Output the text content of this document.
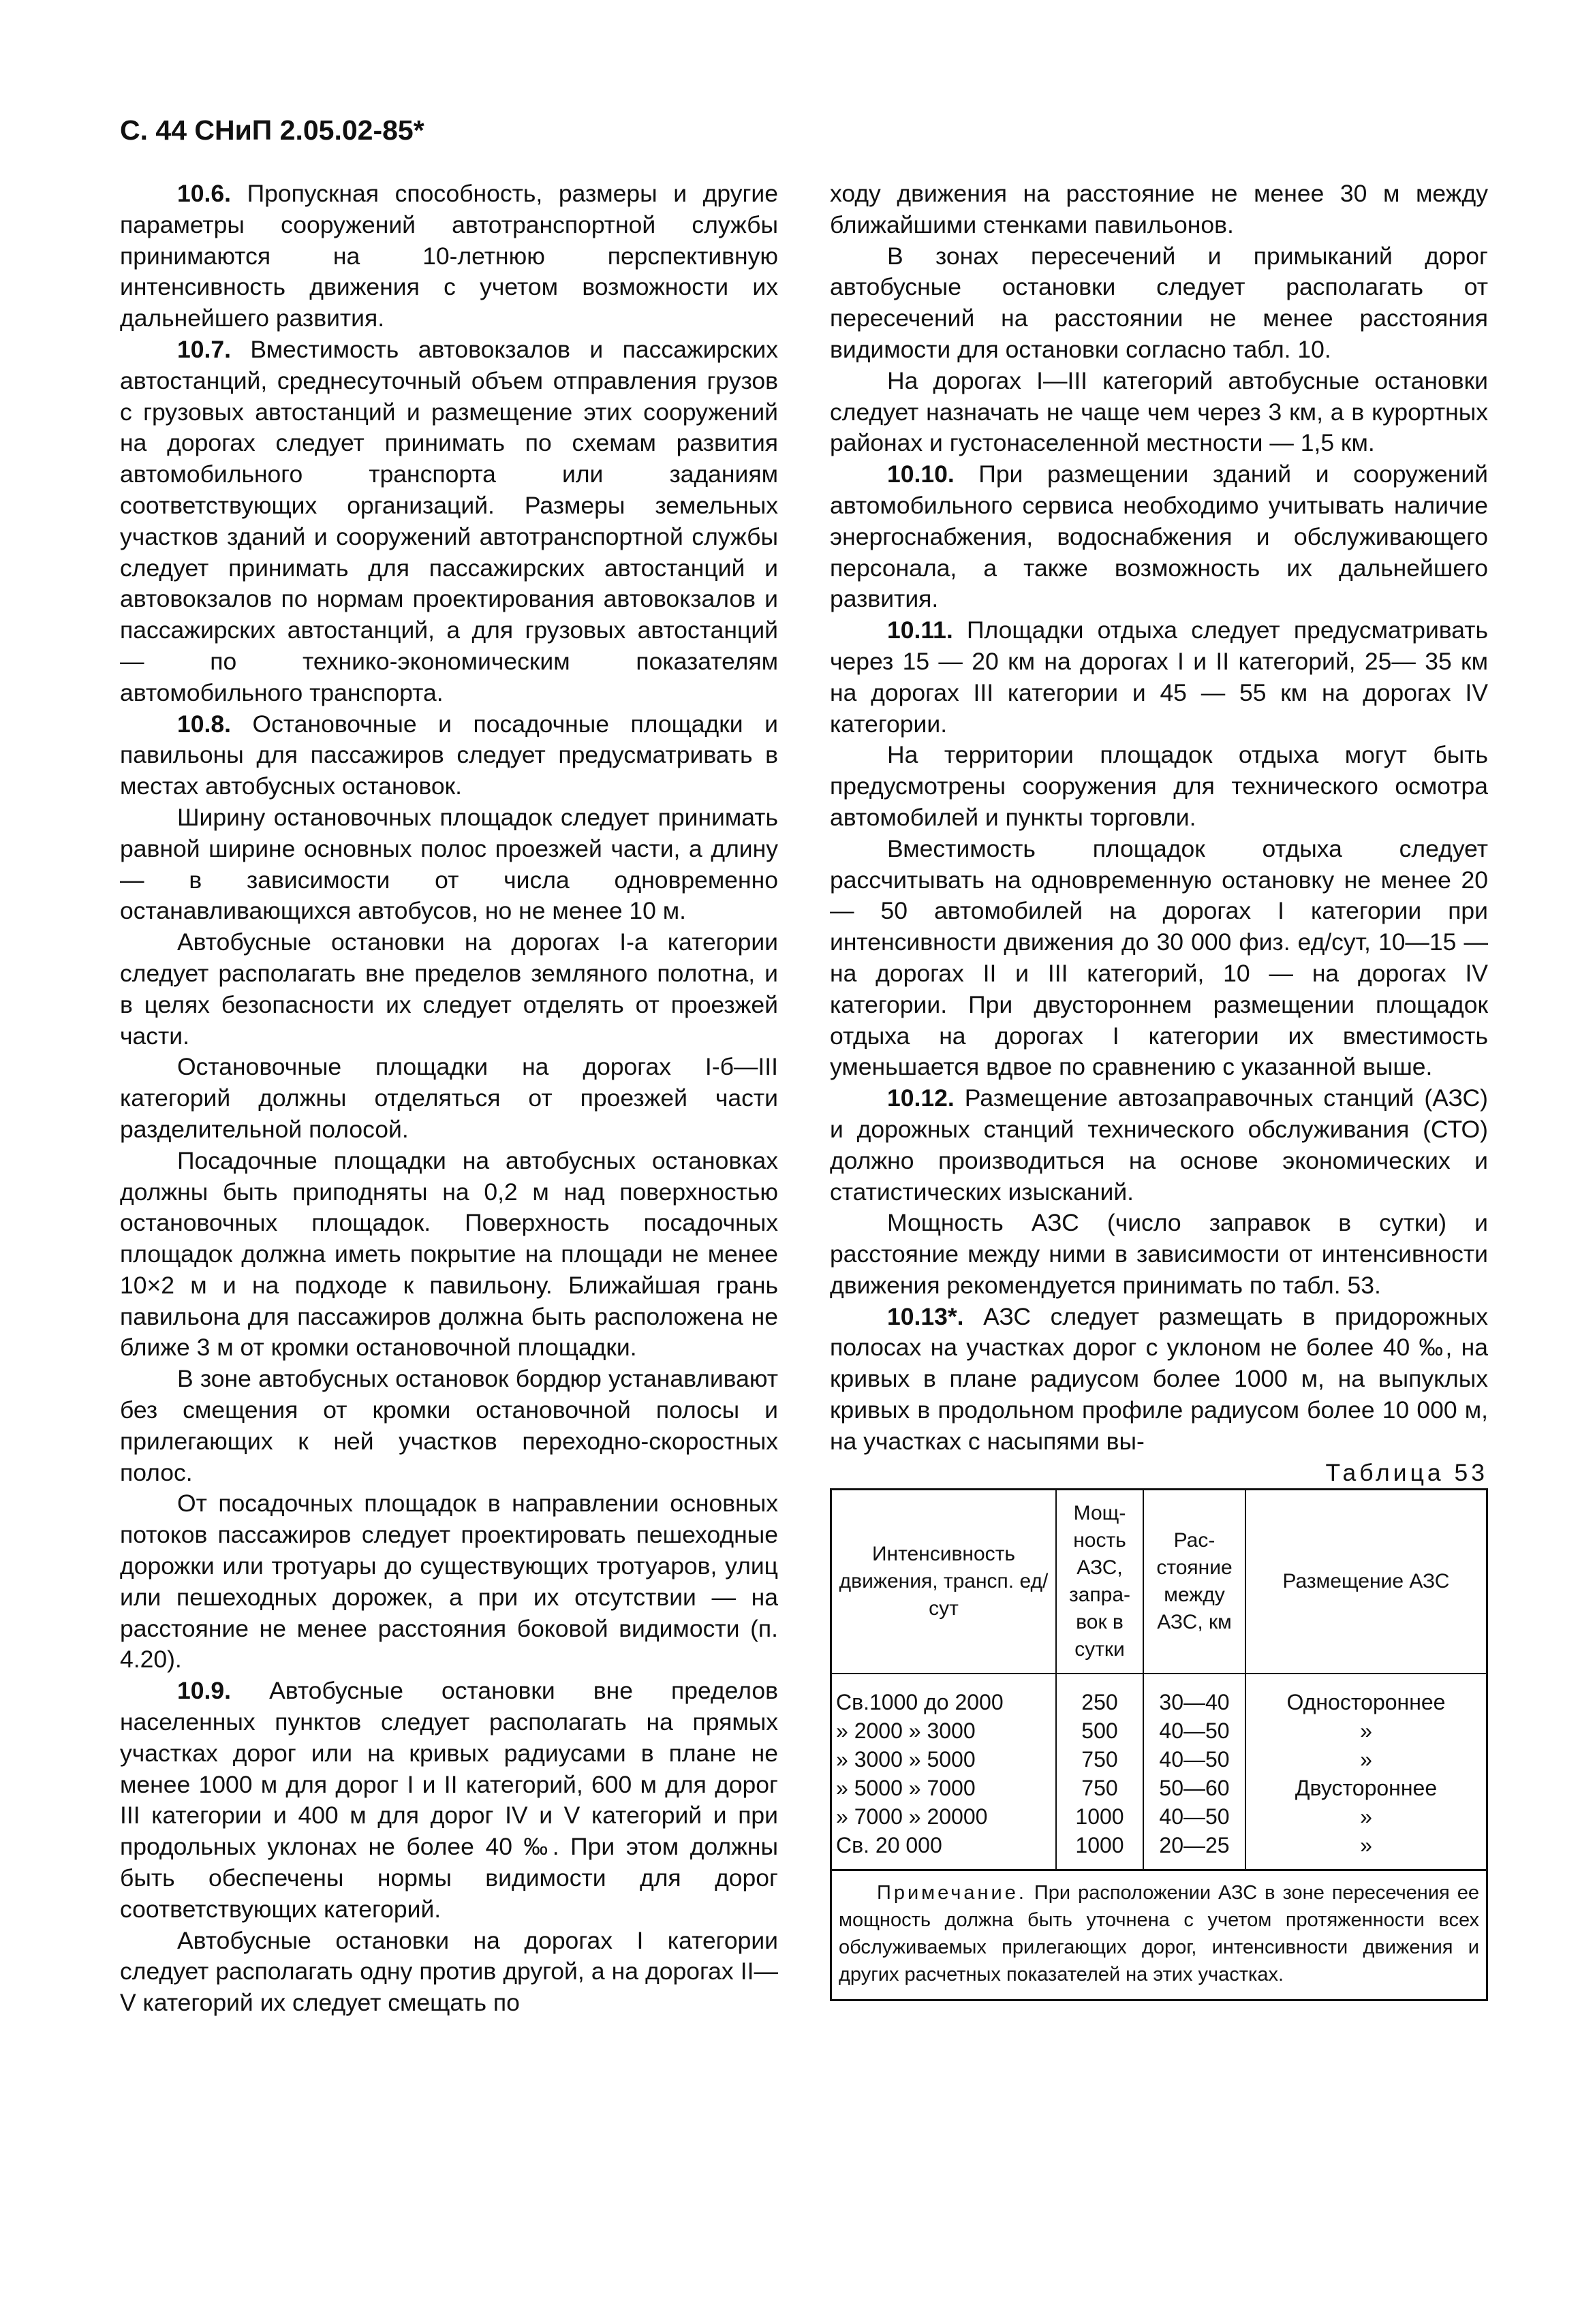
С. 44 СНиП 2.05.02-85*

10.6. Пропускная способность, размеры и другие параметры сооружений автотранспортной службы принимаются на 10-летнюю перспективную интенсивность движения с учетом возможности их дальнейшего развития.

10.7. Вместимость автовокзалов и пассажирских автостанций, среднесуточный объем отправления грузов с грузовых автостанций и размещение этих сооружений на дорогах следует принимать по схемам развития автомобильного транспорта или заданиям соответствующих организаций. Размеры земельных участков зданий и сооружений автотранспортной службы следует принимать для пассажирских автостанций и автовокзалов по нормам проектирования автовокзалов и пассажирских автостанций, а для грузовых автостанций — по технико-экономическим показателям автомобильного транспорта.

10.8. Остановочные и посадочные площадки и павильоны для пассажиров следует предусматривать в местах автобусных остановок.

Ширину остановочных площадок следует принимать равной ширине основных полос проезжей части, а длину — в зависимости от числа одновременно останавливающихся автобусов, но не менее 10 м.

Автобусные остановки на дорогах I-а категории следует располагать вне пределов земляного полотна, и в целях безопасности их следует отделять от проезжей части.

Остановочные площадки на дорогах I-б—III категорий должны отделяться от проезжей части разделительной полосой.

Посадочные площадки на автобусных остановках должны быть приподняты на 0,2 м над поверхностью остановочных площадок. Поверхность посадочных площадок должна иметь покрытие на площади не менее 10×2 м и на подходе к павильону. Ближайшая грань павильона для пассажиров должна быть расположена не ближе 3 м от кромки остановочной площадки.

В зоне автобусных остановок бордюр устанавливают без смещения от кромки остановочной полосы и прилегающих к ней участков переходно-скоростных полос.

От посадочных площадок в направлении основных потоков пассажиров следует проектировать пешеходные дорожки или тротуары до существующих тротуаров, улиц или пешеходных дорожек, а при их отсутствии — на расстояние не менее расстояния боковой видимости (п. 4.20).

10.9. Автобусные остановки вне пределов населенных пунктов следует располагать на прямых участках дорог или на кривых радиусами в плане не менее 1000 м для дорог I и II категорий, 600 м для дорог III категории и 400 м для дорог IV и V категорий и при продольных уклонах не более 40 ‰. При этом должны быть обеспечены нормы видимости для дорог соответствующих категорий.

Автобусные остановки на дорогах I категории следует располагать одну против другой, а на дорогах II—V категорий их следует смещать по

ходу движения на расстояние не менее 30 м между ближайшими стенками павильонов.

В зонах пересечений и примыканий дорог автобусные остановки следует располагать от пересечений на расстоянии не менее расстояния видимости для остановки согласно табл. 10.

На дорогах I—III категорий автобусные остановки следует назначать не чаще чем через 3 км, а в курортных районах и густонаселенной местности — 1,5 км.

10.10. При размещении зданий и сооружений автомобильного сервиса необходимо учитывать наличие энергоснабжения, водоснабжения и обслуживающего персонала, а также возможность их дальнейшего развития.

10.11. Площадки отдыха следует предусматривать через 15 — 20 км на дорогах I и II категорий, 25— 35 км на дорогах III категории и 45 — 55 км на дорогах IV категории.

На территории площадок отдыха могут быть предусмотрены сооружения для технического осмотра автомобилей и пункты торговли.

Вместимость площадок отдыха следует рассчитывать на одновременную остановку не менее 20 — 50 автомобилей на дорогах I категории при интенсивности движения до 30 000 физ. ед/сут, 10—15 — на дорогах II и III категорий, 10 — на дорогах IV категории. При двустороннем размещении площадок отдыха на дорогах I категории их вместимость уменьшается вдвое по сравнению с указанной выше.

10.12. Размещение автозаправочных станций (АЗС) и дорожных станций технического обслуживания (СТО) должно производиться на основе экономических и статистических изысканий.

Мощность АЗС (число заправок в сутки) и расстояние между ними в зависимости от интенсивности движения рекомендуется принимать по табл. 53.

10.13*. АЗС следует размещать в придорожных полосах на участках дорог с уклоном не более 40 ‰, на кривых в плане радиусом более 1000 м, на выпуклых кривых в продольном профиле радиусом более 10 000 м, на участках с насыпями вы-

Таблица 53

Интенсивность движения, трансп. ед/сут	Мощ-ность АЗС, запра-вок в сутки	Рас-стояние между АЗС, км	Размещение АЗС
Св.1000 до 2000	250	30—40	Одностороннее
» 2000 » 3000	500	40—50	»
» 3000 » 5000	750	40—50	»
» 5000 » 7000	750	50—60	Двустороннее
» 7000 » 20000	1000	40—50	»
Св. 20 000	1000	20—25	»

Примечание. При расположении АЗС в зоне пересечения ее мощность должна быть уточнена с учетом протяженности всех обслуживаемых прилегающих дорог, интенсивности движения и других расчетных показателей на этих участках.			
